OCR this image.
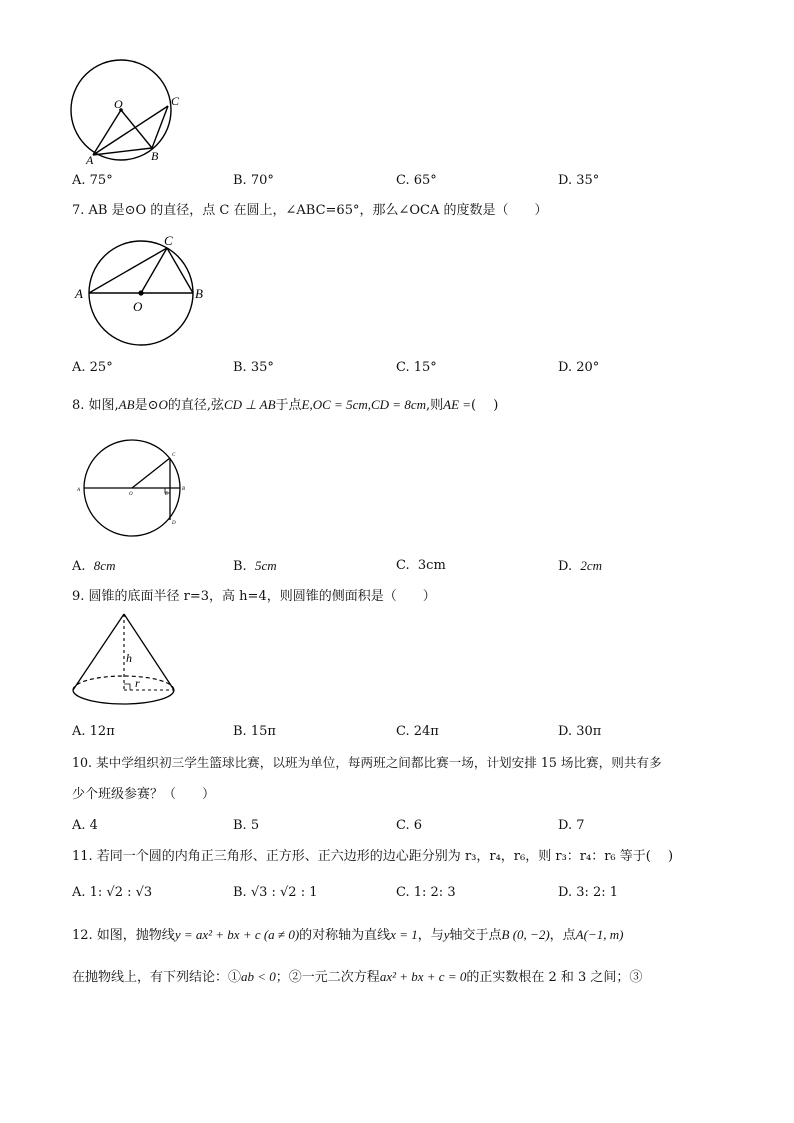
O	C
A	B
A. 75°	B. 70°	C. 65°	D. 35°
7. AB 是⊙O 的直径，点 C 在圆上，∠ABC=65°，那么∠OCA 的度数是（　　）
A	B
C
O
A. 25°	B. 35°	C. 15°	D. 20°
8. 如图,AB是⊙O的直径,弦CD ⊥ AB于点E,OC = 5cm,CD = 8cm,则AE =(　 )
A
O	E
B
C
D
A. 8cm	B. 5cm	C. 3cm	D. 2cm
9. 圆锥的底面半径 r=3，高 h=4，则圆锥的侧面积是（　　）
h
r
A. 12π	B. 15π	C. 24π	D. 30π
10. 某中学组织初三学生篮球比赛，以班为单位，每两班之间都比赛一场，计划安排 15 场比赛，则共有多
少个班级参赛？（　　）
A. 4	B. 5	C. 6	D. 7
11. 若同一个圆的内角正三角形、正方形、正六边形的边心距分别为 r₃，r₄，r₆，则 r₃：r₄：r₆ 等于(　 )
A. 1: √2 : √3	B. √3 : √2 : 1	C. 1: 2: 3	D. 3: 2: 1
12. 如图，抛物线y = ax² + bx + c (a ≠ 0)的对称轴为直线x = 1，与y轴交于点B (0, −2)，点A(−1, m)
在抛物线上，有下列结论：①ab < 0；②一元二次方程ax² + bx + c = 0的正实数根在 2 和 3 之间；③
